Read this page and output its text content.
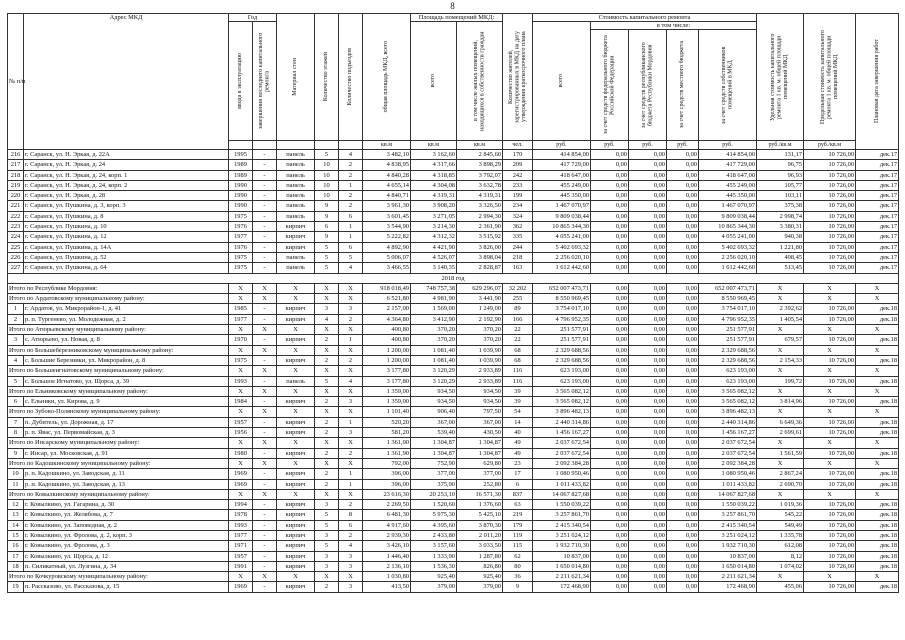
8
№ п/п	Адрес МКД	Год		Материал стен	Количество этажей	Количество подъездов	общая площадь МКД, всего	Площадь помещений МКД:		Количество жителей, зарегистрированных в МКД на дату утверждения краткосрочного плана	Стоимость капитального ремонта					Удельная стоимость капитального ремонта 1 кв. м. общей площади помещений МКД	Предельная стоимость капитального ремонта 1 кв. м. общей площади помещений МКД	Плановая дата завершения работ

		ввода в эксплуатацию	завершения последнего капитального ремонта					всего	в том числе жилых помещений, находящихся в собственности граждан		всего	в том числе:						

												за счет средств федерального бюджета Российской Федерации	за счет средств республиканского бюджета Республики Мордовия	за счет средств местного бюджета	за счет средств собственников помещений в МКД			

							кв.м	кв.м	кв.м	чел.	руб.	руб.	руб.	руб.	руб.	руб./кв.м	руб./кв.м	
216	г. Саранск, ул. Н. Эркая, д. 22А	1995	-	панель	5	4	3 482,10	3 162,60	2 845,60	170	414 854,00	0,00	0,00	0,00	414 854,00	131,17	10 726,00	дек.17
217	г. Саранск, ул. Н. Эркая, д. 24	1989	-	панель	10	2	4 838,95	4 317,66	3 898,29	209	417 729,00	0,00	0,00	0,00	417 729,00	96,75	10 726,00	дек.17
218	г. Саранск, ул. Н. Эркая, д. 24, корп. 1	1989	-	панель	10	2	4 840,28	4 318,85	3 792,07	242	418 647,00	0,00	0,00	0,00	418 647,00	96,93	10 726,00	дек.17
219	г. Саранск, ул. Н. Эркая, д. 24, корп. 2	1990	-	панель	10	1	4 655,14	4 304,08	3 632,78	233	455 249,00	0,00	0,00	0,00	455 249,00	105,77	10 726,00	дек.17
220	г. Саранск, ул. Н. Эркая, д. 28	1990	-	панель	10	2	4 840,71	4 319,31	4 319,31	199	445 350,00	0,00	0,00	0,00	445 350,00	103,11	10 726,00	дек.17
221	г. Саранск, ул. Пушкина, д. 3, корп. 3	1990	-	панель	9	2	3 961,30	3 908,20	3 326,50	234	1 467 070,97	0,00	0,00	0,00	1 467 070,97	375,38	10 726,00	дек.17
222	г. Саранск, ул. Пушкина, д. 8	1975	-	панель	9	6	3 601,45	3 271,05	2 994,30	324	9 809 038,44	0,00	0,00	0,00	9 809 038,44	2 998,74	10 726,00	дек.17
223	г. Саранск, ул. Пушкина, д. 10	1976	-	кирпич	6	1	3 544,90	3 214,30	2 361,90	362	10 865 344,30	0,00	0,00	0,00	10 865 344,30	3 380,31	10 726,00	дек.17
224	г. Саранск, ул. Пушкина, д. 12	1977	-	кирпич	9	1	5 222,82	4 312,32	3 515,92	335	4 055 241,00	0,00	0,00	0,00	4 055 241,00	940,38	10 726,00	дек.17
225	г. Саранск, ул. Пушкина, д. 14А	1976	-	кирпич	5	6	4 892,90	4 421,90	3 826,00	244	5 402 693,32	0,00	0,00	0,00	5 402 693,32	1 221,80	10 726,00	дек.17
226	г. Саранск, ул. Пушкина, д. 52	1975	-	панель	5	5	5 006,07	4 526,07	3 898,04	218	2 256 020,10	0,00	0,00	0,00	2 256 020,10	498,45	10 726,00	дек.17
227	г. Саранск, ул. Пушкина, д. 64	1975	-	панель	5	4	3 466,55	3 140,35	2 828,87	163	1 612 442,60	0,00	0,00	0,00	1 612 442,60	513,45	10 726,00	дек.17
2018 год																		
Итого по Республике Мордовия:		X	X	X	X	X	918 018,49	748 757,38	629 296,07	32 202	652 007 473,71	0,00	0,00	0,00	652 007 473,71	X	X	X
Итого по Ардатовскому муниципальному району:		X	X	X	X	X	6 521,80	4 981,90	3 441,90	255	8 550 969,45	0,00	0,00	0,00	8 550 969,45	X	X	X
1	г. Ардатов, ул. Микрорайон-1, д. 41	1985	-	кирпич	3	3	2 157,00	1 569,00	1 249,00	89	3 754 017,10	0,00	0,00	0,00	3 754 017,10	2 392,62	10 726,00	дек.18
2	р. п. Тургенево, ул. Молодежная, д. 2	1977	-	кирпич	4	2	4 364,80	3 412,90	2 192,90	166	4 796 952,35	0,00	0,00	0,00	4 796 952,35	1 405,54	10 726,00	дек.18
Итого по Атюрьевскому муниципальному району:		X	X	X	X	X	400,80	370,20	370,20	22	251 577,91	0,00	0,00	0,00	251 577,91	X	X	X
3	с. Атюрьево, ул. Новая, д. 8	1970	-	кирпич	2	1	400,80	370,20	370,20	22	251 577,91	0,00	0,00	0,00	251 577,91	679,57	10 726,00	дек.18
Итого по Большеберезниковскому муниципальному району:		X	X	X	X	X	1 200,00	1 081,40	1 039,90	68	2 329 688,56	0,00	0,00	0,00	2 329 688,56	X	X	X
4	с. Большие Березники, ул. Микрорайон, д. 8	1975	-	кирпич	2	2	1 200,00	1 081,40	1 039,90	68	2 329 688,56	0,00	0,00	0,00	2 329 688,56	2 154,33	10 726,00	дек.18
Итого по Большеигнатовскому муниципальному району:		X	X	X	X	X	3 177,80	3 120,29	2 933,89	116	623 193,00	0,00	0,00	0,00	623 193,00	X	X	X
5	с. Большое Игнатово, ул. Щорса, д. 39	1993	-	панель	5	4	3 177,80	3 120,29	2 933,89	116	623 193,00	0,00	0,00	0,00	623 193,00	199,72	10 726,00	дек.18
Итого по Ельниковскому муниципальному району:		X	X	X	X	X	1 359,00	934,50	934,50	39	3 565 082,12	0,00	0,00	0,00	3 565 082,12	X	X	X
6	с. Ельники, ул. Кирова, д. 9	1984	-	кирпич	2	3	1 359,00	934,50	934,50	39	3 565 082,12	0,00	0,00	0,00	3 565 082,12	3 814,96	10 726,00	дек.18
Итого по Зубово-Полянскому муниципальному району:		X	X	X	X	X	1 101,40	906,40	797,50	54	3 896 482,13	0,00	0,00	0,00	3 896 482,13	X	X	X
7	п. Дубитель, ул. Дорожная, д. 17	1957	-	кирпич	2	1	520,20	367,00	367,00	14	2 440 314,86	0,00	0,00	0,00	2 440 314,86	6 649,36	10 726,00	дек.18
8	р. п. Явас, ул. Первомайская, д. 3	1956	-	кирпич	2	3	581,20	539,40	430,50	40	1 456 167,27	0,00	0,00	0,00	1 456 167,27	2 699,61	10 726,00	дек.18
Итого по Инсарскому муниципальному району:		X	X	X	X	X	1 361,90	1 304,87	1 304,87	49	2 037 672,54	0,00	0,00	0,00	2 037 672,54	X	X	X
9	г. Инсар, ул. Московская, д. 91	1980	-	кирпич	2	2	1 361,90	1 304,87	1 304,87	49	2 037 672,54	0,00	0,00	0,00	2 037 672,54	1 561,59	10 726,00	дек.18
Итого по Кадошкинскому муниципальному району:		X	X	X	X	X	792,00	752,90	629,80	23	2 092 384,28	0,00	0,00	0,00	2 092 384,28	X	X	X
10	р. п. Кадошкино, ул. Заводская, д. 11	1969	-	кирпич	2	1	396,00	377,00	377,00	17	1 080 950,46	0,00	0,00	0,00	1 080 950,46	2 867,24	10 726,00	дек.18
11	р. п. Кадошкино, ул. Заводская, д. 13	1969	-	кирпич	2	1	396,00	375,90	252,80	6	1 011 433,82	0,00	0,00	0,00	1 011 433,82	2 690,70	10 726,00	дек.18
Итого по Ковылкинскому муниципальному району:		X	X	X	X	X	23 616,30	20 253,10	16 571,30	837	14 067 827,68	0,00	0,00	0,00	14 067 827,68	X	X	X
12	г. Ковылкино, ул. Гагарина, д. 30	1994	-	кирпич	3	2	2 269,50	1 520,60	1 376,60	63	1 550 039,22	0,00	0,00	0,00	1 550 039,22	1 019,36	10 726,00	дек.18
13	г. Ковылкино, ул. Желябова, д. 7	1978	-	кирпич	5	8	6 481,30	5 975,30	5 425,10	219	3 257 861,70	0,00	0,00	0,00	3 257 861,70	545,22	10 726,00	дек.18
14	г. Ковылкино, ул. Заповедная, д. 2	1993	-	кирпич	5	6	4 917,60	4 395,60	3 870,30	179	2 415 340,54	0,00	0,00	0,00	2 415 340,54	549,49	10 726,00	дек.18
15	г. Ковылкино, ул. Фролова, д. 2, корп. 3	1977	-	кирпич	3	2	2 939,30	2 433,80	2 011,20	119	3 251 024,12	0,00	0,00	0,00	3 251 024,12	1 335,78	10 726,00	дек.18
16	г. Ковылкино, ул. Фролова, д. 3	1971	-	кирпич	5	4	3 426,10	3 157,60	3 033,50	115	1 932 710,30	0,00	0,00	0,00	1 932 710,30	612,08	10 726,00	дек.18
17	г. Ковылкино, ул. Щорса, д. 12	1957	-	кирпич	3	3	1 446,40	1 333,90	1 287,80	62	10 837,00	0,00	0,00	0,00	10 837,00	8,12	10 726,00	дек.18
18	п. Силикатный, ул. Лузгина, д. 34	1991	-	кирпич	3	3	2 136,10	1 536,30	826,80	80	1 650 014,80	0,00	0,00	0,00	1 650 014,80	1 074,02	10 726,00	дек.18
Итого по Кочкуровскому муниципальному району:		X	X	X	X	X	1 030,80	925,40	925,40	36	2 211 621,34	0,00	0,00	0,00	2 211 621,34	X	X	X
19	п. Рассказово, ул. Рассказова, д. 15	1969	-	кирпич	2	3	413,50	379,00	379,00	9	172 468,90	0,00	0,00	0,00	172 468,90	455,06	10 726,00	дек.18
